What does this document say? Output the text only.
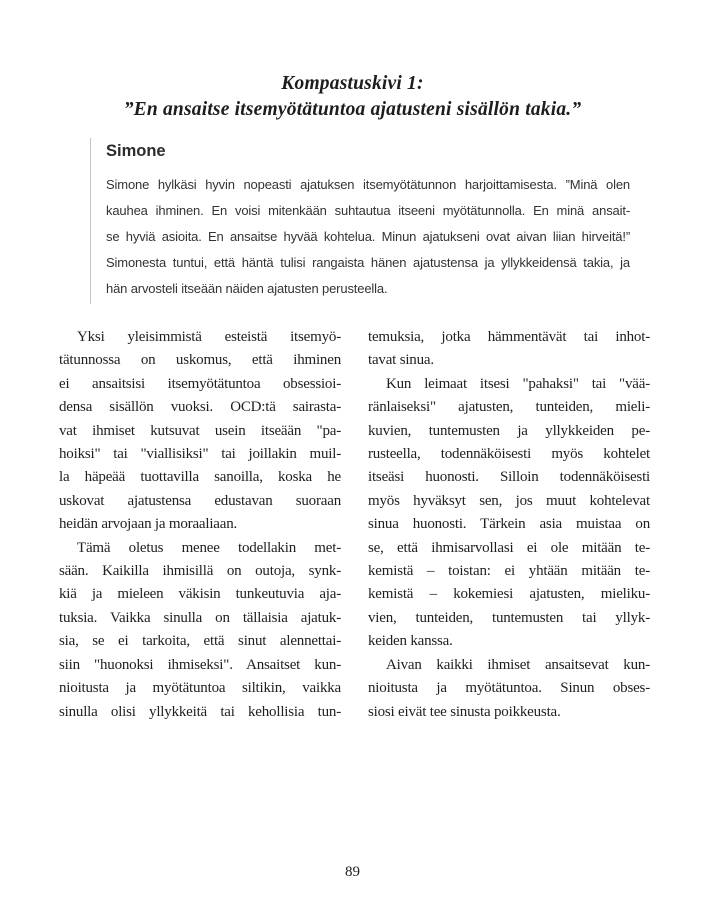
Kompastuskivi 1:
”En ansaitse itsemyötätuntoa ajatusteni sisällön takia.”
Simone
Simone hylkäsi hyvin nopeasti ajatuksen itsemyötätunnon harjoittamisesta. ”Minä olen
kauhea ihminen. En voisi mitenkään suhtautua itseeni myötätunnolla. En minä ansait-
se hyviä asioita. En ansaitse hyvää kohtelua. Minun ajatukseni ovat aivan liian hirveitä!”
Simonesta tuntui, että häntä tulisi rangaista hänen ajatustensa ja yllykkeidensä takia, ja
hän arvosteli itseään näiden ajatusten perusteella.
Yksi yleisimmistä esteistä itsemyö-
tätunnossa on uskomus, että ihminen
ei ansaitsisi itsemyötätuntoa obsessioi-
densa sisällön vuoksi. OCD:tä sairasta-
vat ihmiset kutsuvat usein itseään "pa-
hoiksi" tai "viallisiksi" tai joillakin muil-
la häpeää tuottavilla sanoilla, koska he
uskovat ajatustensa edustavan suoraan
heidän arvojaan ja moraaliaan.
Tämä oletus menee todellakin met-
sään. Kaikilla ihmisillä on outoja, synk-
kiä ja mieleen väkisin tunkeutuvia aja-
tuksia. Vaikka sinulla on tällaisia ajatuk-
sia, se ei tarkoita, että sinut alennettai-
siin "huonoksi ihmiseksi". Ansaitset kun-
nioitusta ja myötätuntoa siltikin, vaikka
sinulla olisi yllykkeitä tai kehollisia tun-
temuksia, jotka hämmentävät tai inhot-
tavat sinua.
Kun leimaat itsesi "pahaksi" tai "vää-
ränlaiseksi" ajatusten, tunteiden, mieli-
kuvien, tuntemusten ja yllykkeiden pe-
rusteella, todennäköisesti myös kohtelet
itseäsi huonosti. Silloin todennäköisesti
myös hyväksyt sen, jos muut kohtelevat
sinua huonosti. Tärkein asia muistaa on
se, että ihmisarvollasi ei ole mitään te-
kemistä – toistan: ei yhtään mitään te-
kemistä – kokemiesi ajatusten, mieliku-
vien, tunteiden, tuntemusten tai yllyk-
keiden kanssa.
Aivan kaikki ihmiset ansaitsevat kun-
nioitusta ja myötätuntoa. Sinun obses-
siosi eivät tee sinusta poikkeusta.
89
